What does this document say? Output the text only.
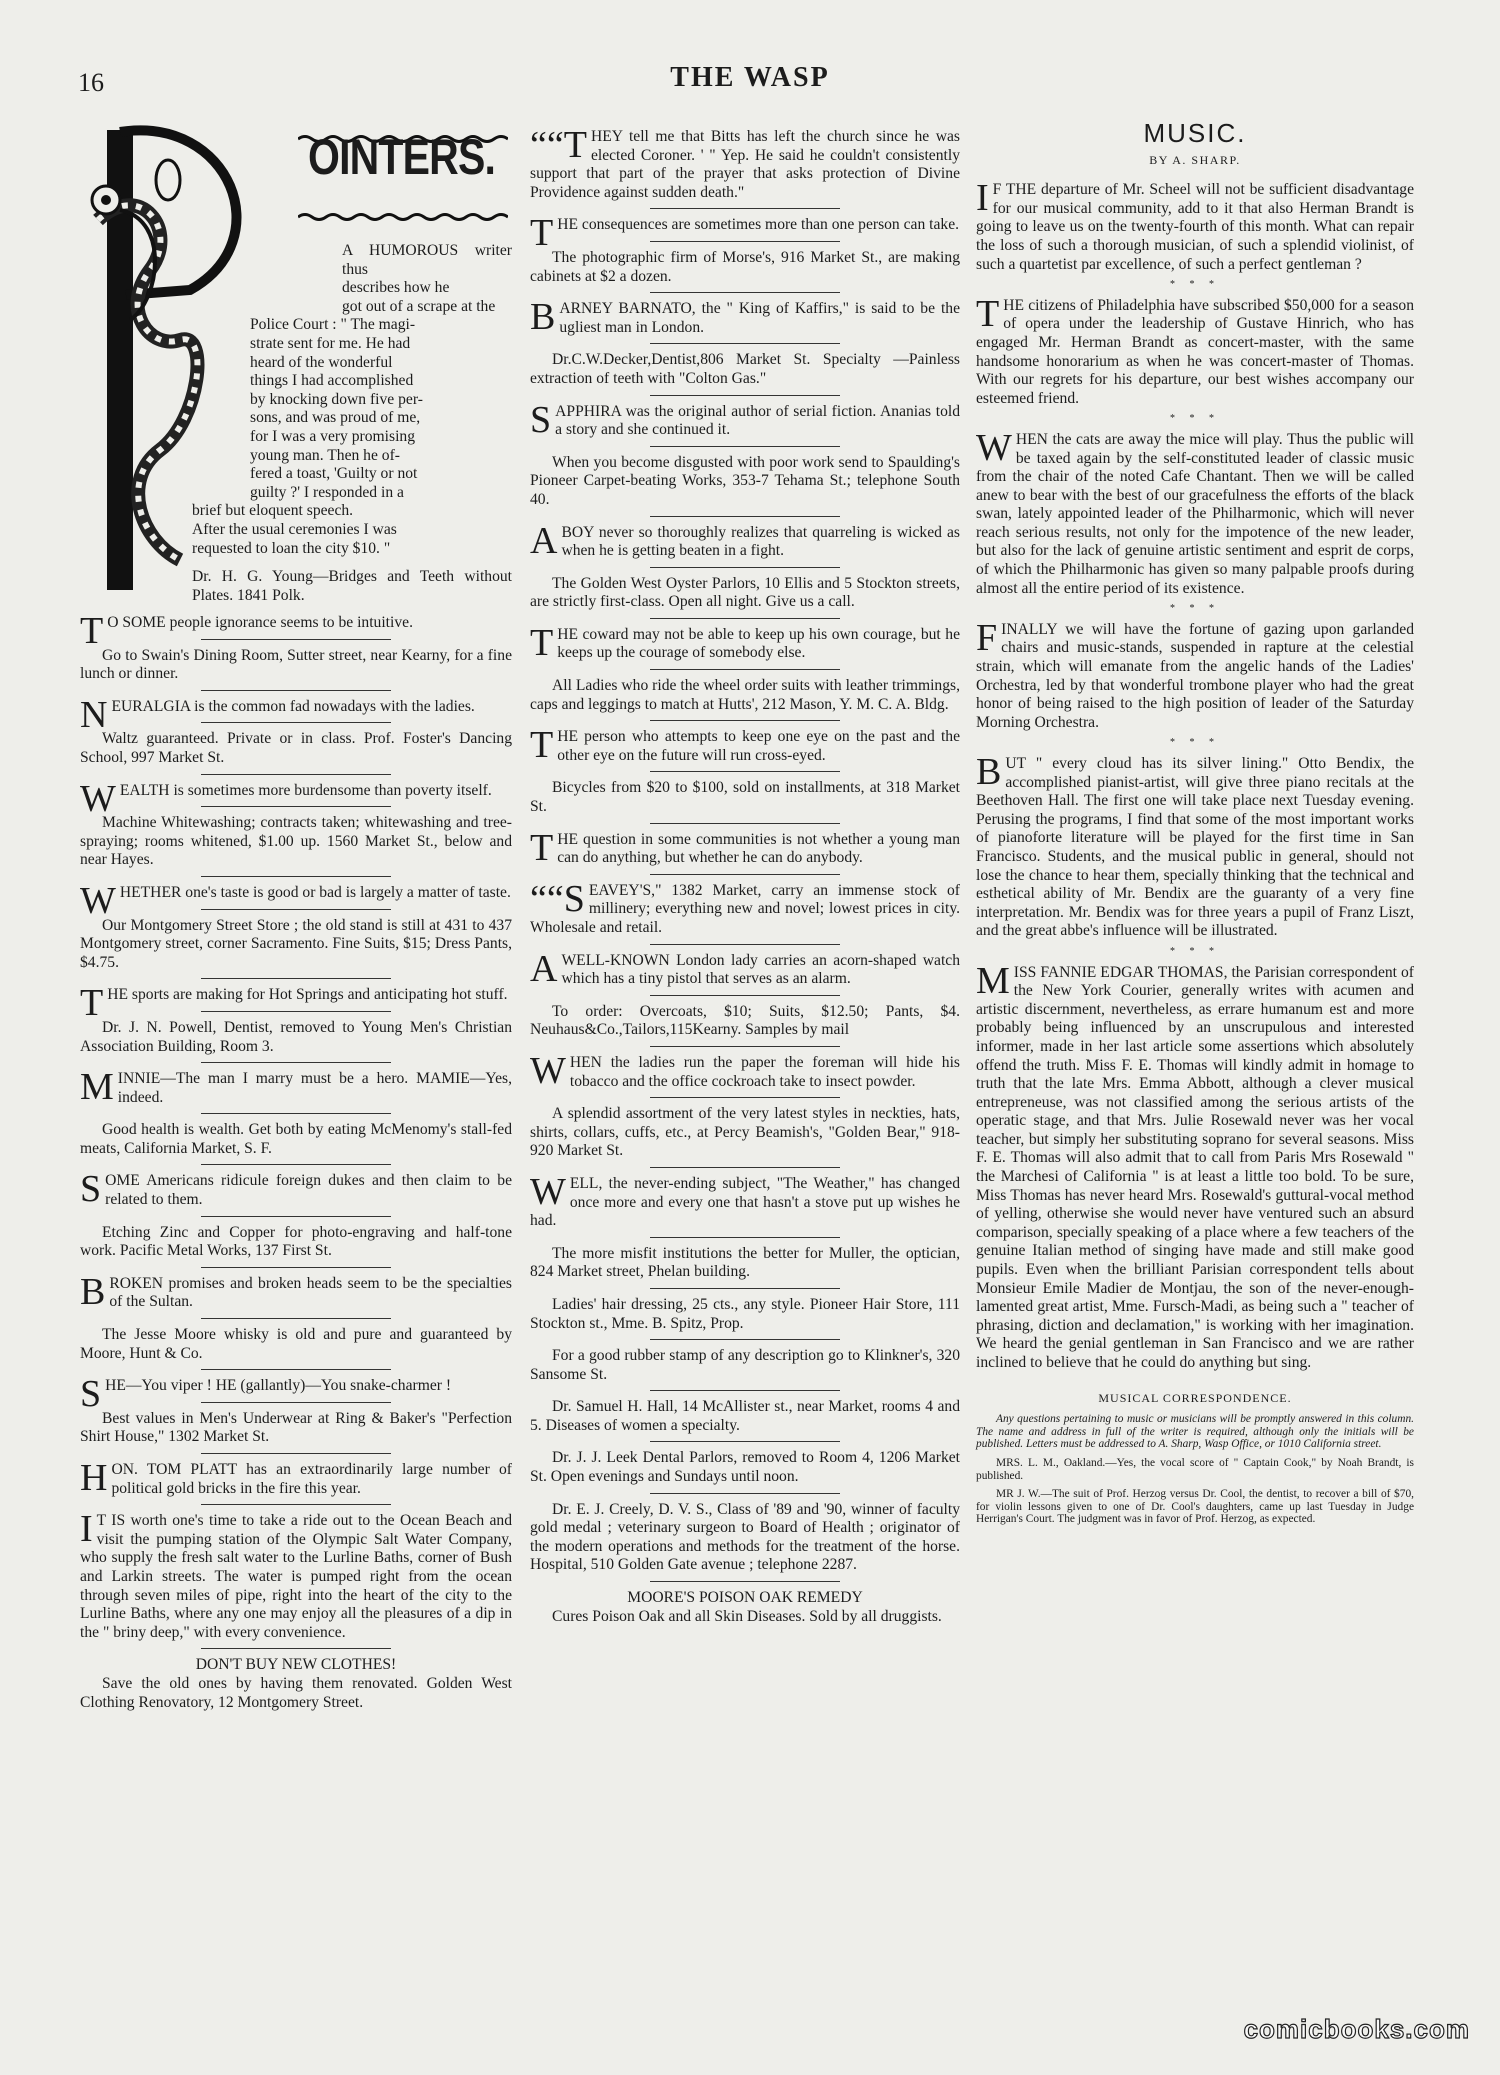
16	THE WASP
OINTERS.
A HUMOROUS writer thus
describes how he
got out of a scrape at the
Police Court : " The magi-
strate sent for me. He had
heard of the wonderful
things I had accomplished
by knocking down five per-
sons, and was proud of me,
for I was a very promising
young man. Then he of-
fered a toast, 'Guilty or not
guilty ?' I responded in a
brief but eloquent speech.
After the usual ceremonies I was
requested to loan the city $10. "
Dr. H. G. Young—Bridges and Teeth without Plates. 1841 Polk.

T O SOME people ignorance seems to be intuitive.

Go to Swain's Dining Room, Sutter street, near Kearny, for a fine lunch or dinner.

NEURALGIA is the common fad nowadays with the ladies.

Waltz guaranteed. Private or in class. Prof. Foster's Dancing School, 997 Market St.

WEALTH is sometimes more burdensome than poverty itself.

Machine Whitewashing; contracts taken; whitewashing and tree-spraying; rooms whitened, $1.00 up. 1560 Market St., below and near Hayes.

WHETHER one's taste is good or bad is largely a matter of taste.

Our Montgomery Street Store ; the old stand is still at 431 to 437 Montgomery street, corner Sacramento. Fine Suits, $15; Dress Pants, $4.75.

THE sports are making for Hot Springs and anticipating hot stuff.

Dr. J. N. Powell, Dentist, removed to Young Men's Christian Association Building, Room 3.

MINNIE—The man I marry must be a hero. MAMIE—Yes, indeed.

Good health is wealth. Get both by eating McMenomy's stall-fed meats, California Market, S. F.

SOME Americans ridicule foreign dukes and then claim to be related to them.

Etching Zinc and Copper for photo-engraving and half-tone work. Pacific Metal Works, 137 First St.

BROKEN promises and broken heads seem to be the specialties of the Sultan.

The Jesse Moore whisky is old and pure and guaranteed by Moore, Hunt & Co.

SHE—You viper ! HE (gallantly)—You snake-charmer !

Best values in Men's Underwear at Ring & Baker's "Perfection Shirt House," 1302 Market St.

HON. TOM PLATT has an extraordinarily large number of political gold bricks in the fire this year.

I T IS worth one's time to take a ride out to the Ocean Beach and visit the pumping station of the Olympic Salt Water Company, who supply the fresh salt water to the Lurline Baths, corner of Bush and Larkin streets. The water is pumped right from the ocean through seven miles of pipe, right into the heart of the city to the Lurline Baths, where any one may enjoy all the pleasures of a dip in the " briny deep," with every convenience.

DON'T BUY NEW CLOTHES!

Save the old ones by having them renovated. Golden West Clothing Renovatory, 12 Montgomery Street.

““T HEY tell me that Bitts has left the church since he was elected Coroner. ' " Yep. He said he couldn't consistently support that part of the prayer that asks protection of Divine Providence against sudden death."

THE consequences are sometimes more than one person can take.

The photographic firm of Morse's, 916 Market St., are making cabinets at $2 a dozen.

BARNEY BARNATO, the " King of Kaffirs," is said to be the ugliest man in London.

Dr.C.W.Decker,Dentist,806 Market St. Specialty —Painless extraction of teeth with "Colton Gas."

SAPPHIRA was the original author of serial fiction. Ananias told a story and she continued it.

When you become disgusted with poor work send to Spaulding's Pioneer Carpet-beating Works, 353-7 Tehama St.; telephone South 40.

ABOY never so thoroughly realizes that quarreling is wicked as when he is getting beaten in a fight.

The Golden West Oyster Parlors, 10 Ellis and 5 Stockton streets, are strictly first-class. Open all night. Give us a call.

THE coward may not be able to keep up his own courage, but he keeps up the courage of somebody else.

All Ladies who ride the wheel order suits with leather trimmings, caps and leggings to match at Hutts', 212 Mason, Y. M. C. A. Bldg.

THE person who attempts to keep one eye on the past and the other eye on the future will run cross-eyed.

Bicycles from $20 to $100, sold on installments, at 318 Market St.

THE question in some communities is not whether a young man can do anything, but whether he can do anybody.

““S EAVEY'S," 1382 Market, carry an immense stock of millinery; everything new and novel; lowest prices in city. Wholesale and retail.

AWELL-KNOWN London lady carries an acorn-shaped watch which has a tiny pistol that serves as an alarm.

To order: Overcoats, $10; Suits, $12.50; Pants, $4. Neuhaus&Co.,Tailors,115Kearny. Samples by mail

WHEN the ladies run the paper the foreman will hide his tobacco and the office cockroach take to insect powder.

A splendid assortment of the very latest styles in neckties, hats, shirts, collars, cuffs, etc., at Percy Beamish's, "Golden Bear," 918-920 Market St.

WELL, the never-ending subject, "The Weather," has changed once more and every one that hasn't a stove put up wishes he had.

The more misfit institutions the better for Muller, the optician, 824 Market street, Phelan building.

Ladies' hair dressing, 25 cts., any style. Pioneer Hair Store, 111 Stockton st., Mme. B. Spitz, Prop.

For a good rubber stamp of any description go to Klinkner's, 320 Sansome St.

Dr. Samuel H. Hall, 14 McAllister st., near Market, rooms 4 and 5. Diseases of women a specialty.

Dr. J. J. Leek Dental Parlors, removed to Room 4, 1206 Market St. Open evenings and Sundays until noon.

Dr. E. J. Creely, D. V. S., Class of '89 and '90, winner of faculty gold medal ; veterinary surgeon to Board of Health ; originator of the modern operations and methods for the treatment of the horse. Hospital, 510 Golden Gate avenue ; telephone 2287.

MOORE'S POISON OAK REMEDY

Cures Poison Oak and all Skin Diseases. Sold by all druggists.

MUSIC.
BY A. SHARP.

I F THE departure of Mr. Scheel will not be sufficient disadvantage for our musical community, add to it that also Herman Brandt is going to leave us on the twenty-fourth of this month. What can repair the loss of such a thorough musician, of such a splendid violinist, of such a quartetist par excellence, of such a perfect gentleman ?

* * *

THE citizens of Philadelphia have subscribed $50,000 for a season of opera under the leadership of Gustave Hinrich, who has engaged Mr. Herman Brandt as concert-master, with the same handsome honorarium as when he was concert-master of Thomas. With our regrets for his departure, our best wishes accompany our esteemed friend.

* * *

WHEN the cats are away the mice will play. Thus the public will be taxed again by the self-constituted leader of classic music from the chair of the noted Cafe Chantant. Then we will be called anew to bear with the best of our gracefulness the efforts of the black swan, lately appointed leader of the Philharmonic, which will never reach serious results, not only for the impotence of the new leader, but also for the lack of genuine artistic sentiment and esprit de corps, of which the Philharmonic has given so many palpable proofs during almost all the entire period of its existence.

* * *

FINALLY we will have the fortune of gazing upon garlanded chairs and music-stands, suspended in rapture at the celestial strain, which will emanate from the angelic hands of the Ladies' Orchestra, led by that wonderful trombone player who had the great honor of being raised to the high position of leader of the Saturday Morning Orchestra.

* * *

BUT " every cloud has its silver lining." Otto Bendix, the accomplished pianist-artist, will give three piano recitals at the Beethoven Hall. The first one will take place next Tuesday evening. Perusing the programs, I find that some of the most important works of pianoforte literature will be played for the first time in San Francisco. Students, and the musical public in general, should not lose the chance to hear them, specially thinking that the technical and esthetical ability of Mr. Bendix are the guaranty of a very fine interpretation. Mr. Bendix was for three years a pupil of Franz Liszt, and the great abbe's influence will be illustrated.

* * *

MISS FANNIE EDGAR THOMAS, the Parisian correspondent of the New York Courier, generally writes with acumen and artistic discernment, nevertheless, as errare humanum est and more probably being influenced by an unscrupulous and interested informer, made in her last article some assertions which absolutely offend the truth. Miss F. E. Thomas will kindly admit in homage to truth that the late Mrs. Emma Abbott, although a clever musical entrepreneuse, was not classified among the serious artists of the operatic stage, and that Mrs. Julie Rosewald never was her vocal teacher, but simply her substituting soprano for several seasons. Miss F. E. Thomas will also admit that to call from Paris Mrs Rosewald " the Marchesi of California " is at least a little too bold. To be sure, Miss Thomas has never heard Mrs. Rosewald's guttural-vocal method of yelling, otherwise she would never have ventured such an absurd comparison, specially speaking of a place where a few teachers of the genuine Italian method of singing have made and still make good pupils. Even when the brilliant Parisian correspondent tells about Monsieur Emile Madier de Montjau, the son of the never-enough-lamented great artist, Mme. Fursch-Madi, as being such a " teacher of phrasing, diction and declamation," is working with her imagination. We heard the genial gentleman in San Francisco and we are rather inclined to believe that he could do anything but sing.

MUSICAL CORRESPONDENCE.

Any questions pertaining to music or musicians will be promptly answered in this column. The name and address in full of the writer is required, although only the initials will be published. Letters must be addressed to A. Sharp, Wasp Office, or 1010 California street.

MRS. L. M., Oakland.—Yes, the vocal score of " Captain Cook," by Noah Brandt, is published.

MR J. W.—The suit of Prof. Herzog versus Dr. Cool, the dentist, to recover a bill of $70, for violin lessons given to one of Dr. Cool's daughters, came up last Tuesday in Judge Herrigan's Court. The judgment was in favor of Prof. Herzog, as expected.

comicbooks.com
